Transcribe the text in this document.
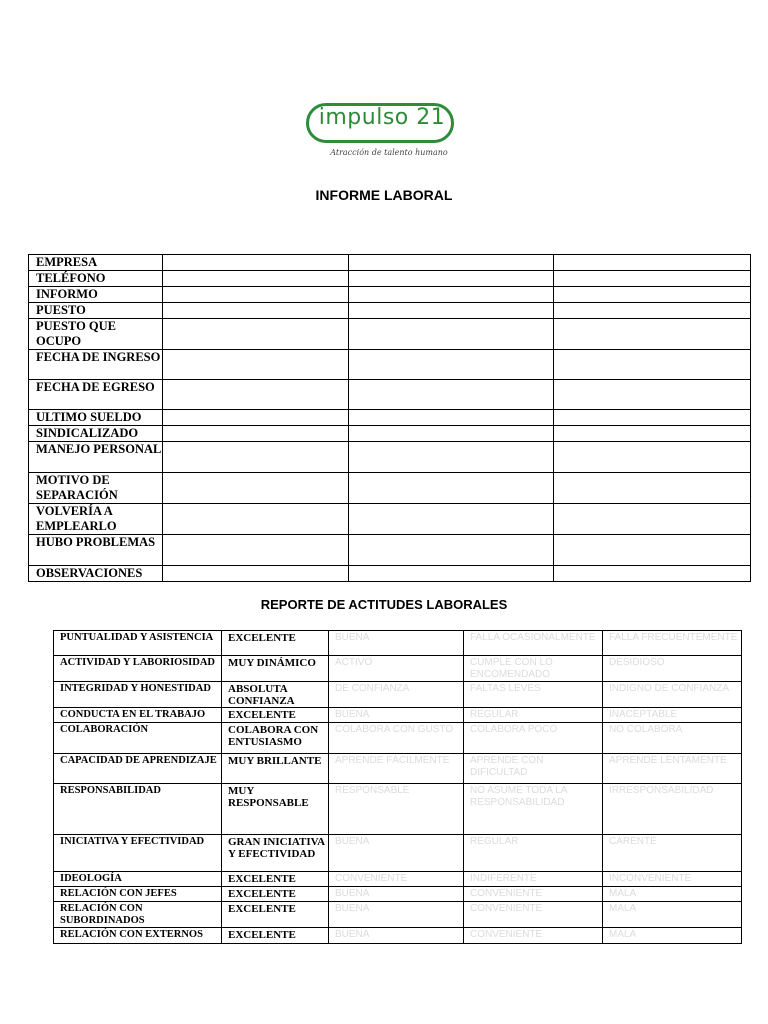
impulso 21
Atracción de talento humano
INFORME LABORAL
EMPRESA			
TELÉFONO			
INFORMO			
PUESTO			
PUESTO QUE OCUPO			
FECHA DE INGRESO			
FECHA DE EGRESO			
ULTIMO SUELDO			
SINDICALIZADO			
MANEJO PERSONAL			
MOTIVO DE SEPARACIÓN			
VOLVERÍA A EMPLEARLO			
HUBO PROBLEMAS			
OBSERVACIONES			
REPORTE DE ACTITUDES LABORALES
PUNTUALIDAD Y ASISTENCIA	EXCELENTE	BUENA	FALLA OCASIONALMENTE	FALLA FRECUENTEMENTE
ACTIVIDAD Y LABORIOSIDAD	MUY DINÁMICO	ACTIVO	CUMPLE CON LO ENCOMENDADO	DESIDIOSO
INTEGRIDAD Y HONESTIDAD	ABSOLUTA CONFIANZA	DE CONFIANZA	FALTAS LEVES	INDIGNO DE CONFIANZA
CONDUCTA EN EL TRABAJO	EXCELENTE	BUENA	REGULAR	INACEPTABLE
COLABORACIÓN	COLABORA CON ENTUSIASMO	COLABORA CON GUSTO	COLABORA POCO	NO COLABORA
CAPACIDAD DE APRENDIZAJE	MUY BRILLANTE	APRENDE FÁCILMENTE	APRENDE CON DIFICULTAD	APRENDE LENTAMENTE
RESPONSABILIDAD	MUY RESPONSABLE	RESPONSABLE	NO ASUME TODA LA RESPONSABILIDAD	IRRESPONSABILIDAD
INICIATIVA Y EFECTIVIDAD	GRAN INICIATIVA Y EFECTIVIDAD	BUENA	REGULAR	CARENTE
IDEOLOGÍA	EXCELENTE	CONVENIENTE	INDIFERENTE	INCONVENIENTE
RELACIÓN CON JEFES	EXCELENTE	BUENA	CONVENIENTE	MALA
RELACIÓN CON SUBORDINADOS	EXCELENTE	BUENA	CONVENIENTE	MALA
RELACIÓN CON EXTERNOS	EXCELENTE	BUENA	CONVENIENTE	MALA
